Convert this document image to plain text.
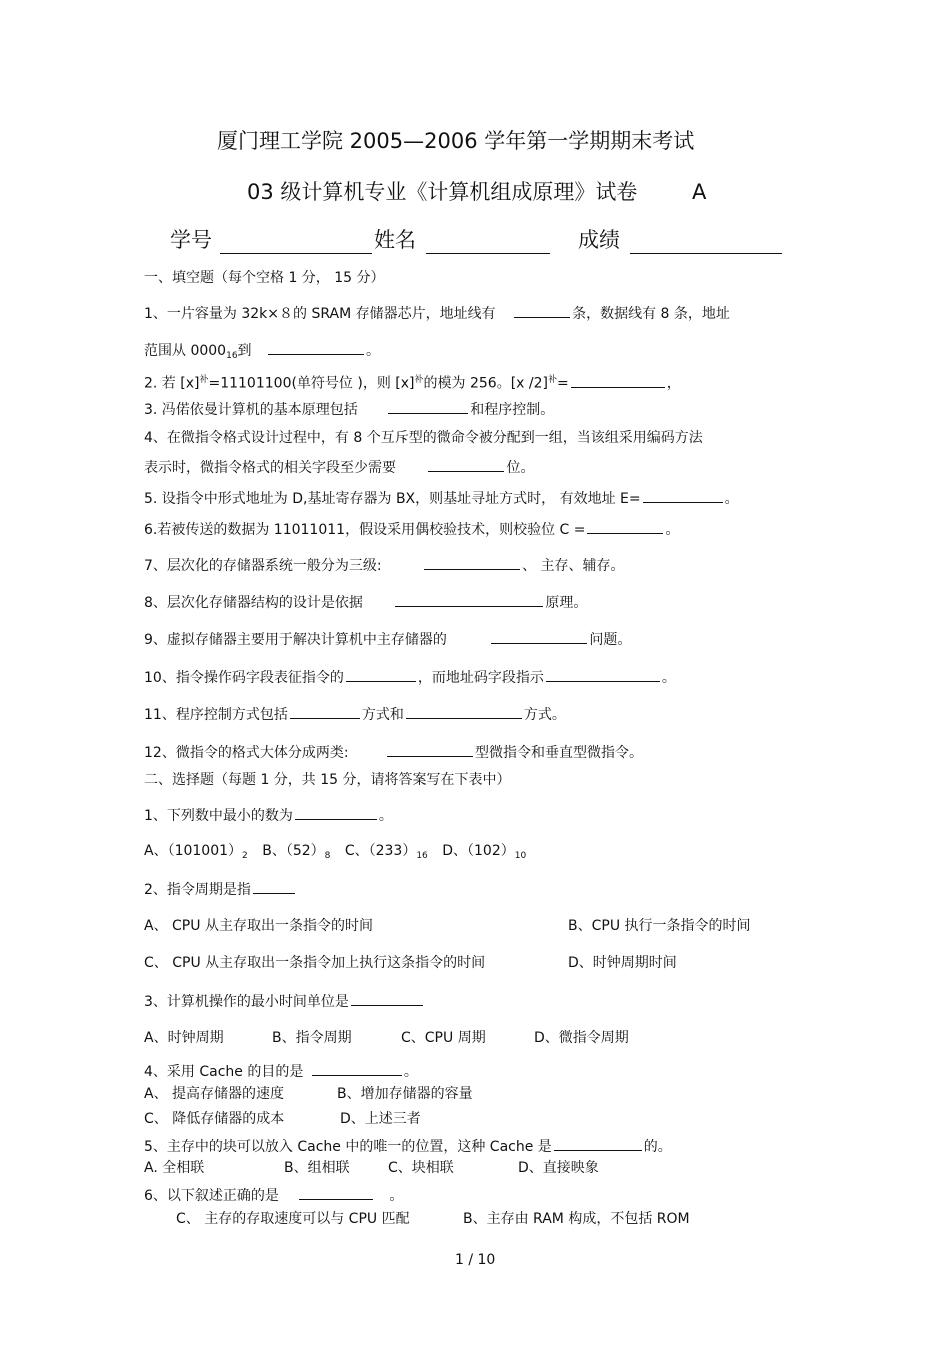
厦门理工学院 2005—2006 学年第一学期期末考试
03 级计算机专业《计算机组成原理》试卷	A
学号	姓名	成绩
一、填空题（每个空格 1 分， 15 分）
1、一片容量为 32k×８的 SRAM 存储器芯片，地址线有	条，数据线有 8 条，地址
范围从 $0000_{16}$到	。
2. 若 $[x]^补=11101100$(单符号位 )，则 $[x]^补$的模为 256。[x /2]$^补$=	，
3. 冯偌依曼计算机的基本原理包括	和程序控制。
4、在微指令格式设计过程中，有 8 个互斥型的微命令被分配到一组，当该组采用编码方法
表示时，微指令格式的相关字段至少需要	位。
5. 设指令中形式地址为 D,基址寄存器为 BX，则基址寻址方式时， 有效地址 E=	。
6.若被传送的数据为 11011011，假设采用偶校验技术，则校验位 C =	。
7、层次化的存储器系统一般分为三级:	、 主存、辅存。
8、层次化存储器结构的设计是依据	原理。
9、虚拟存储器主要用于解决计算机中主存储器的	问题。
10、指令操作码字段表征指令的	，而地址码字段指示	。
11、程序控制方式包括	方式和	方式。
12、微指令的格式大体分成两类:	型微指令和垂直型微指令。
二、选择题（每题 1 分，共 15 分，请将答案写在下表中）
1、下列数中最小的数为	。
A、$(101001)_2$ B、$(52)_8$ C、$(233)_{16}$ D、$(102)_{10}$
2、指令周期是指
A、 CPU 从主存取出一条指令的时间	B、CPU 执行一条指令的时间
C、 CPU 从主存取出一条指令加上执行这条指令的时间	D、时钟周期时间
3、计算机操作的最小时间单位是
A、时钟周期	B、指令周期	C、CPU 周期	D、微指令周期
4、采用 Cache 的目的是	。
A、 提高存储器的速度	B、增加存储器的容量
C、 降低存储器的成本	D、上述三者
5、主存中的块可以放入 Cache 中的唯一的位置，这种 Cache 是	的。
A. 全相联	B、组相联	C、块相联	D、直接映象
6、以下叙述正确的是	。
C、 主存的存取速度可以与 CPU 匹配	B、主存由 RAM 构成，不包括 ROM
1 / 10
